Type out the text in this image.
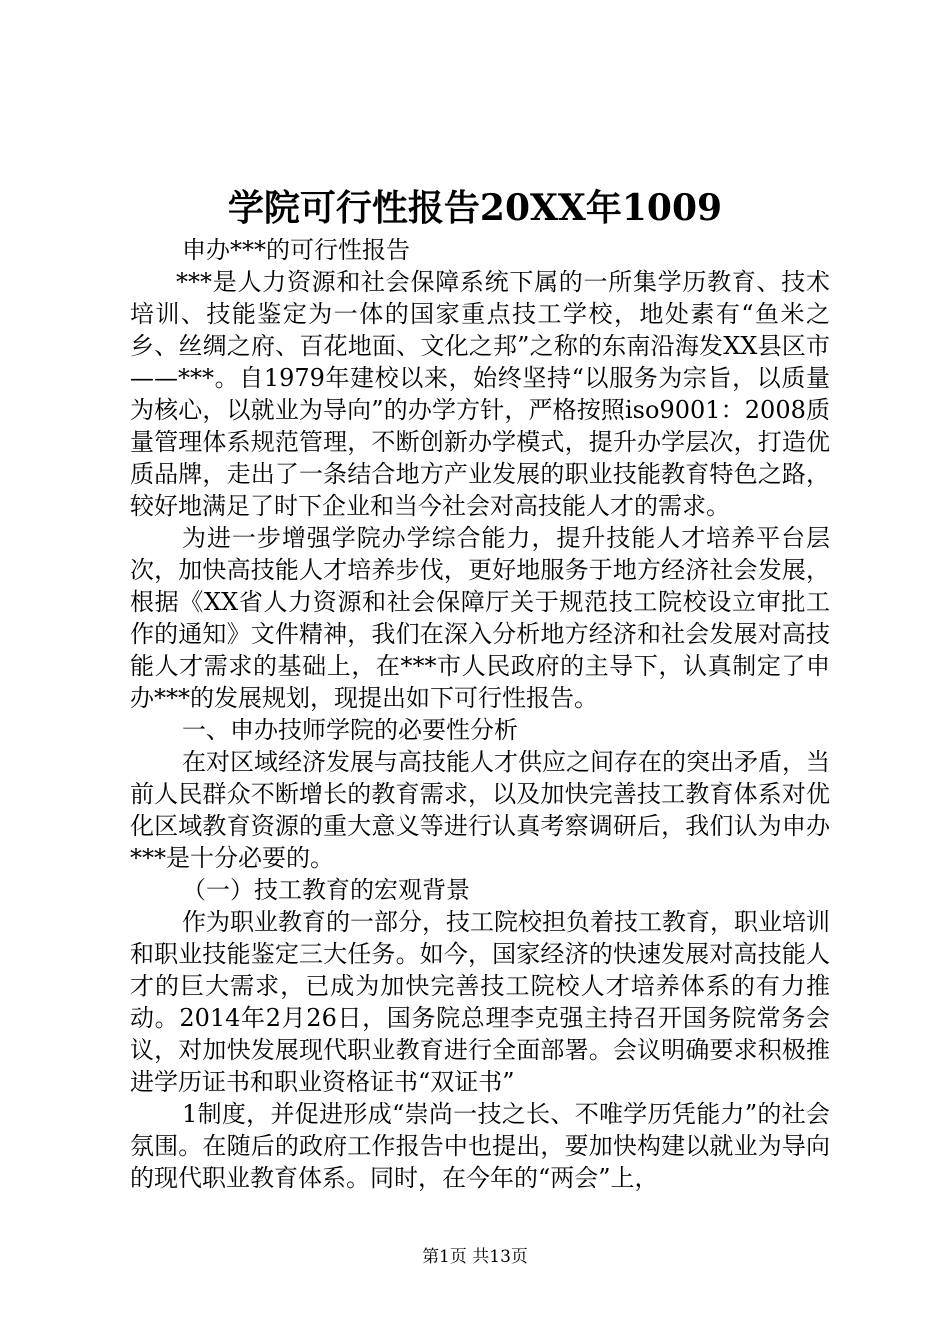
学院可行性报告20XX年1009

申办***的可行性报告

***是人力资源和社会保障系统下属的一所集学历教育、技术培训、技能鉴定为一体的国家重点技工学校，地处素有“鱼米之乡、丝绸之府、百花地面、文化之邦”之称的东南沿海发XX县区市——***。自1979年建校以来，始终坚持“以服务为宗旨，以质量为核心，以就业为导向”的办学方针，严格按照iso9001：2008质量管理体系规范管理，不断创新办学模式，提升办学层次，打造优质品牌，走出了一条结合地方产业发展的职业技能教育特色之路，较好地满足了时下企业和当今社会对高技能人才的需求。

为进一步增强学院办学综合能力，提升技能人才培养平台层次，加快高技能人才培养步伐，更好地服务于地方经济社会发展，根据《XX省人力资源和社会保障厅关于规范技工院校设立审批工作的通知》文件精神，我们在深入分析地方经济和社会发展对高技能人才需求的基础上，在***市人民政府的主导下，认真制定了申办***的发展规划，现提出如下可行性报告。

一、申办技师学院的必要性分析

在对区域经济发展与高技能人才供应之间存在的突出矛盾，当前人民群众不断增长的教育需求，以及加快完善技工教育体系对优化区域教育资源的重大意义等进行认真考察调研后，我们认为申办***是十分必要的。

（一）技工教育的宏观背景

作为职业教育的一部分，技工院校担负着技工教育，职业培训和职业技能鉴定三大任务。如今，国家经济的快速发展对高技能人才的巨大需求，已成为加快完善技工院校人才培养体系的有力推动。2014年2月26日，国务院总理李克强主持召开国务院常务会议，对加快发展现代职业教育进行全面部署。会议明确要求积极推进学历证书和职业资格证书“双证书”

1制度，并促进形成“崇尚一技之长、不唯学历凭能力”的社会氛围。在随后的政府工作报告中也提出，要加快构建以就业为导向的现代职业教育体系。同时，在今年的“两会”上，

第1页 共13页
